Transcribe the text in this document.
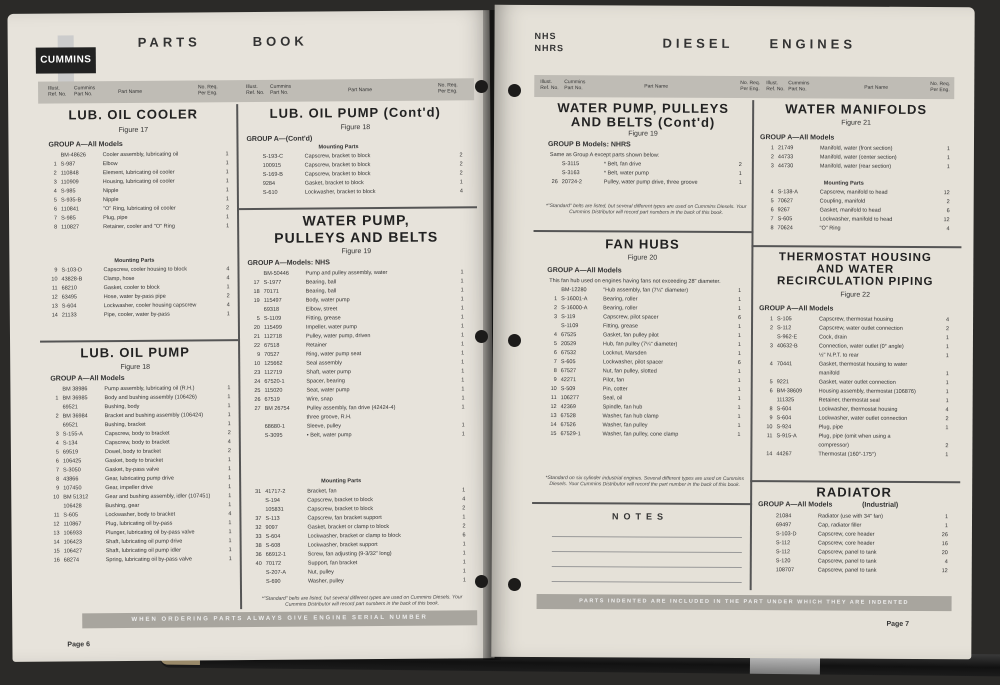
CUMMINS
PARTS	BOOK
Illust. Ref. No.
Cummins Part No.	Part Name
No. Req. Per Eng.
Illust. Ref. No.
Cummins Part No.	Part Name
No. Req. Per Eng.
LUB. OIL COOLER
Figure 17
GROUP A—All Models
BM-48626	Cooler assembly, lubricating oil	1
1 S-987	Elbow	1
2 110848	Element, lubricating oil cooler	1
3 110909	Housing, lubricating oil cooler	1
4 S-985	Nipple	1
5 S-935-B	Nipple	1
6 110841	"O" Ring, lubricating oil cooler	2
7 S-985	Plug, pipe	1
8 110827	Retainer, cooler and "O" Ring	1
Mounting Parts
9 S-103-D	Capscrew, cooler housing to block	4
10 43828-B	Clamp, hose	4
11 68210	Gasket, cooler to block	1
12 63495	Hose, water by-pass pipe	2
13 S-604	Lockwasher, cooler housing capscrew	4
14 21133	Pipe, cooler, water by-pass	1
LUB. OIL PUMP
Figure 18
GROUP A—All Models
BM 38986	Pump assembly, lubricating oil (R.H.)	1
1 BM 36985	Body and bushing assembly (106426)	1
69521	Bushing, body	1
2 BM 36984	Bracket and bushing assembly (106424)	1
69521	Bushing, bracket	1
3 S-155-A	Capscrew, body to bracket	2
4 S-134	Capscrew, body to bracket	4
5 69519	Dowel, body to bracket	2
6 106425	Gasket, body to bracket	1
7 S-3050	Gasket, by-pass valve	1
8 43866	Gear, lubricating pump drive	1
9 107450	Gear, impeller drive	1
10 BM 51312	Gear and bushing assembly, idler (107451)	1
106428	Bushing, gear	1
11 S-605	Lockwasher, body to bracket	4
12 110867	Plug, lubricating oil by-pass	1
13 106933	Plunger, lubricating oil by-pass valve	1
14 106423	Shaft, lubricating oil pump drive	1
15 106427	Shaft, lubricating oil pump idler	1
16 68274	Spring, lubricating oil by-pass valve	1
LUB. OIL PUMP (Cont'd)
Figure 18
GROUP A—(Cont'd)
Mounting Parts
S-193-C	Capscrew, bracket to block	2
100915	Capscrew, bracket to block	2
S-169-B	Capscrew, bracket to block	2
9284	Gasket, bracket to block	1
S-610	Lockwasher, bracket to block	4
WATER PUMP,
PULLEYS AND BELTS
Figure 19
GROUP A—Models: NHS
BM-50446	Pump and pulley assembly, water	1
17 S-1977	Bearing, ball	1
18 70171	Bearing, ball	1
19 115497	Body, water pump	1
69318	Elbow, street	1
5 S-1109	Fitting, grease	1
20 115499	Impeller, water pump	1
21 112718	Pulley, water pump, driven	1
22 67518	Retainer	1
9 70527	Ring, water pump seat	1
10 125662	Seal assembly	1
23 112719	Shaft, water pump	1
24 67520-1	Spacer, bearing	1
25 115020	Seat, water pump	1
26 67519	Wire, snap	1
27 BM 26754	Pulley assembly, fan drive (42424-4)	1
three groove, R.H.
68680-1	Sleeve, pulley	1
S-3095	• Belt, water pump	1
Mounting Parts
31 41717-2	Bracket, fan	1
S-194	Capscrew, bracket to block	4
105831	Capscrew, bracket to block	2
37 S-113	Capscrew, fan bracket support	1
32 9097	Gasket, bracket or clamp to block	2
33 S-604	Lockwasher, bracket or clamp to block	6
38 S-608	Lockwasher, bracket support	1
36 66912-1	Screw, fan adjusting (9-3/32" long)	1
40 70172	Support, fan bracket	1
S-207-A	Nut, pulley	1
S-690	Washer, pulley	1
*"Standard" belts are listed, but several different types are used on Cummins Diesels. Your Cummins Distributor will record part numbers in the back of this book.
WHEN ORDERING PARTS ALWAYS GIVE ENGINE SERIAL NUMBER
Page 6
NHS
NHRS	DIESEL	ENGINES
Illust. Ref. No.
Cummins Part No.	Part Name
No. Req. Per Eng.
Illust. Ref. No.
Cummins Part No.	Part Name
No. Req. Per Eng.
WATER PUMP, PULLEYS
AND BELTS (Cont'd)
Figure 19
GROUP B Models: NHRS
Same as Group A except parts shown below:
S-3115	* Belt, fan drive	2
S-3163	* Belt, water pump	1
26 20724-2	Pulley, water pump drive, three groove	1
*"Standard" belts are listed, but several different types are used on Cummins Diesels. Your Cummins Distributor will record part numbers in the back of this book.
FAN HUBS
Figure 20
GROUP A—All Models
This fan hub used on engines having fans not exceeding 28" diameter.
BM-12280	"Hub assembly, fan (7¼" diameter)	1
1 S-16001-A	Bearing, roller	1
2 S-16000-A	Bearing, roller	1
3 S-119	Capscrew, pilot spacer	6
S-1109	Fitting, grease	1
4 67525	Gasket, fan pulley pilot	1
5 20529	Hub, fan pulley (7¼" diameter)	1
6 67532	Locknut, Marsden	1
7 S-605	Lockwasher, pilot spacer	6
8 67527	Nut, fan pulley, slotted	1
9 42271	Pilot, fan	1
10 S-509	Pin, cotter	1
11 106277	Seal, oil	1
12 42369	Spindle, fan hub	1
13 67528	Washer, fan hub clamp	1
14 67526	Washer, fan pulley	1
15 67529-1	Washer, fan pulley, cone clamp	1
*Standard on six cylinder industrial engines. Several different types are used on Cummins Diesels. Your Cummins Distributor will record the part number in the back of this book.
NOTES
WATER MANIFOLDS
Figure 21
GROUP A—All Models
1 21749	Manifold, water (front section)	1
2 44733	Manifold, water (center section)	1
3 44730	Manifold, water (rear section)	1
Mounting Parts
4 S-138-A	Capscrew, manifold to head	12
5 70627	Coupling, manifold	2
6 9267	Gasket, manifold to head	6
7 S-605	Lockwasher, manifold to head	12
8 70624	"O" Ring	4
THERMOSTAT HOUSING
AND WATER
RECIRCULATION PIPING
Figure 22
GROUP A—All Models
1 S-105	Capscrew, thermostat housing	4
2 S-112	Capscrew, water outlet connection	2
S-962-E	Cock, drain	1
3 40632-B	Connection, water outlet (0° angle)	1
½" N.P.T. to rear	1
4 70441	Gasket, thermostat housing to water
manifold	1
5 9221	Gasket, water outlet connection	1
6 BM-38609	Housing assembly, thermostat (106876)	1
111325	Retainer, thermostat seal	1
8 S-604	Lockwasher, thermostat housing	4
9 S-604	Lockwasher, water outlet connection	2
10 S-924	Plug, pipe	1
11 S-915-A	Plug, pipe (omit when using a
compressor)	2
14 44267	Thermostat (160°-175°)	1
RADIATOR
GROUP A—All Models	(Industrial)
21084	Radiator (use with 34" fan)	1
69497	Cap, radiator filler	1
S-103-D	Capscrew, core header	26
S-112	Capscrew, core header	16
S-112	Capscrew, panel to tank	20
S-120	Capscrew, panel to tank	4
108707	Capscrew, panel to tank	12
PARTS INDENTED ARE INCLUDED IN THE PART UNDER WHICH THEY ARE INDENTED
Page 7
